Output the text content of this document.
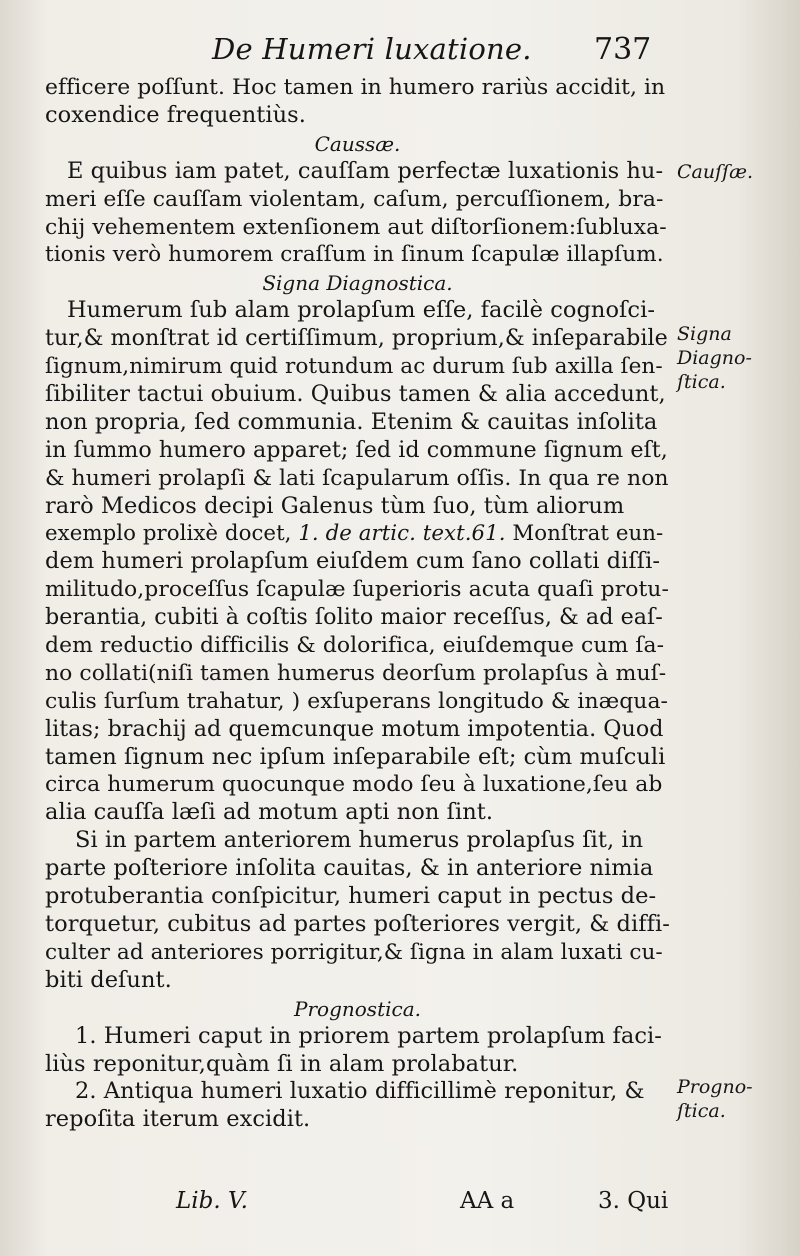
De Humeri luxatione. 737
efficere poſſunt. Hoc tamen in humero rariùs accidit, in
coxendice frequentiùs.
Caussæ.
E quibus iam patet, cauſſam perfectæ luxationis hu-
meri eſſe cauſſam violentam, caſum, percuſſionem, bra-
chij vehementem extenſionem aut diſtorſionem:ſubluxa-
tionis verò humorem craſſum in ſinum ſcapulæ illapſum.
Signa Diagnostica.
Humerum ſub alam prolapſum eſſe, facilè cognoſci-
tur,& monſtrat id certiſſimum, proprium,& inſeparabile
ſignum,nimirum quid rotundum ac durum ſub axilla ſen-
ſibiliter tactui obuium. Quibus tamen & alia accedunt,
non propria, ſed communia. Etenim & cauitas inſolita
in ſummo humero apparet; ſed id commune ſignum eſt,
& humeri prolapſi & lati ſcapularum oſſis. In qua re non
rarò Medicos decipi Galenus tùm ſuo, tùm aliorum
exemplo prolixè docet, 1. de artic. text.61. Monſtrat eun-
dem humeri prolapſum eiuſdem cum ſano collati diſſi-
militudo,proceſſus ſcapulæ ſuperioris acuta quaſi protu-
berantia, cubiti à coſtis ſolito maior receſſus, & ad eaſ-
dem reductio difficilis & dolorifica, eiuſdemque cum ſa-
no collati(niſi tamen humerus deorſum prolapſus à muſ-
culis ſurſum trahatur, ) exſuperans longitudo & inæqua-
litas; brachij ad quemcunque motum impotentia. Quod
tamen ſignum nec ipſum inſeparabile eſt; cùm muſculi
circa humerum quocunque modo ſeu à luxatione,ſeu ab
alia cauſſa læſi ad motum apti non ſint.
Si in partem anteriorem humerus prolapſus ſit, in
parte poſteriore inſolita cauitas, & in anteriore nimia
protuberantia conſpicitur, humeri caput in pectus de-
torquetur, cubitus ad partes poſteriores vergit, & diffi-
culter ad anteriores porrigitur,& ſigna in alam luxati cu-
biti deſunt.
Prognostica.
1. Humeri caput in priorem partem prolapſum faci-
liùs reponitur,quàm ſi in alam prolabatur.
2. Antiqua humeri luxatio difficillimè reponitur, &
repoſita iterum excidit.
Cauſſæ.
Signa
Diagno-
ſtica.
Progno-
ſtica.
Lib. V.	AA a	3. Qui
